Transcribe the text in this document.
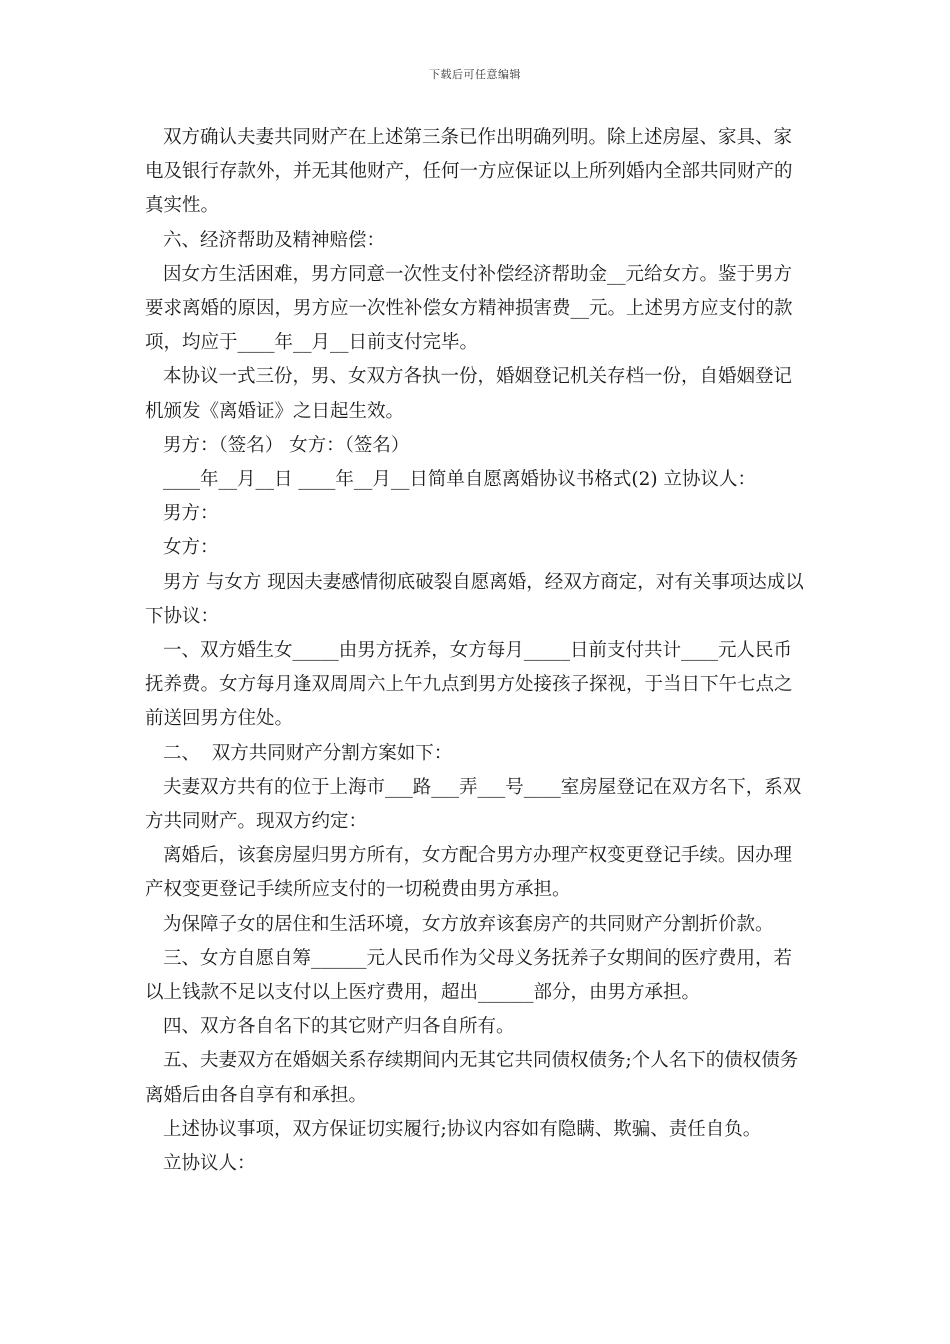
下载后可任意编辑

双方确认夫妻共同财产在上述第三条已作出明确列明。除上述房屋、家具、家电及银行存款外，并无其他财产，任何一方应保证以上所列婚内全部共同财产的真实性。

六、经济帮助及精神赔偿：

因女方生活困难，男方同意一次性支付补偿经济帮助金__元给女方。鉴于男方要求离婚的原因，男方应一次性补偿女方精神损害费__元。上述男方应支付的款项，均应于____年__月__日前支付完毕。

本协议一式三份，男、女双方各执一份，婚姻登记机关存档一份，自婚姻登记机颁发《离婚证》之日起生效。

男方：（签名） 女方：（签名）

____年__月__日 ____年__月__日简单自愿离婚协议书格式(2) 立协议人：

男方：

女方：

男方 与女方 现因夫妻感情彻底破裂自愿离婚，经双方商定，对有关事项达成以下协议：

一、双方婚生女_____由男方抚养，女方每月_____日前支付共计____元人民币抚养费。女方每月逢双周周六上午九点到男方处接孩子探视，于当日下午七点之前送回男方住处。

二、  双方共同财产分割方案如下：

夫妻双方共有的位于上海市___路___弄___号____室房屋登记在双方名下，系双方共同财产。现双方约定：

离婚后，该套房屋归男方所有，女方配合男方办理产权变更登记手续。因办理产权变更登记手续所应支付的一切税费由男方承担。

为保障子女的居住和生活环境，女方放弃该套房产的共同财产分割折价款。

三、女方自愿自筹______元人民币作为父母义务抚养子女期间的医疗费用，若以上钱款不足以支付以上医疗费用，超出______部分，由男方承担。

四、双方各自名下的其它财产归各自所有。

五、夫妻双方在婚姻关系存续期间内无其它共同债权债务;个人名下的债权债务离婚后由各自享有和承担。

上述协议事项，双方保证切实履行;协议内容如有隐瞒、欺骗、责任自负。

立协议人：
